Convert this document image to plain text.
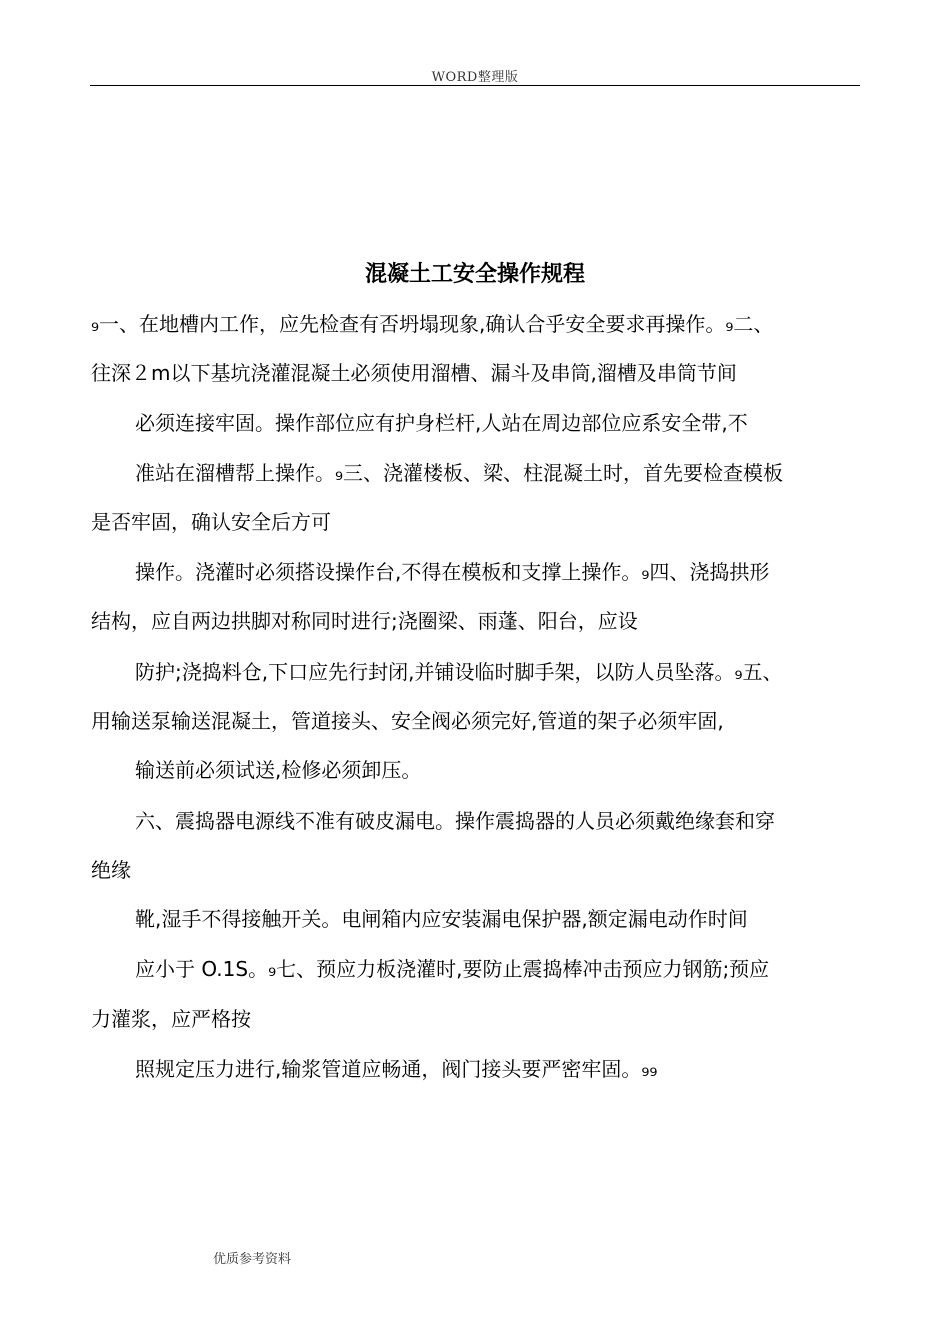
WORD整理版
混凝土工安全操作规程
₉一、在地槽内工作，应先检查有否坍塌现象,确认合乎安全要求再操作。₉二、
往深２m以下基坑浇灌混凝土必须使用溜槽、漏斗及串筒,溜槽及串筒节间
必须连接牢固。操作部位应有护身栏杆,人站在周边部位应系安全带,不
准站在溜槽帮上操作。₉三、浇灌楼板、梁、柱混凝土时，首先要检查模板
是否牢固，确认安全后方可
操作。浇灌时必须搭设操作台,不得在模板和支撑上操作。₉四、浇捣拱形
结构，应自两边拱脚对称同时进行;浇圈梁、雨蓬、阳台，应设
防护;浇捣料仓,下口应先行封闭,并铺设临时脚手架，以防人员坠落。₉五、
用输送泵输送混凝土，管道接头、安全阀必须完好,管道的架子必须牢固,
输送前必须试送,检修必须卸压。
六、震捣器电源线不准有破皮漏电。操作震捣器的人员必须戴绝缘套和穿
绝缘
靴,湿手不得接触开关。电闸箱内应安装漏电保护器,额定漏电动作时间
应小于 O.1S。₉七、预应力板浇灌时,要防止震捣棒冲击预应力钢筋;预应
力灌浆，应严格按
照规定压力进行,输浆管道应畅通，阀门接头要严密牢固。₉₉
优质参考资料
